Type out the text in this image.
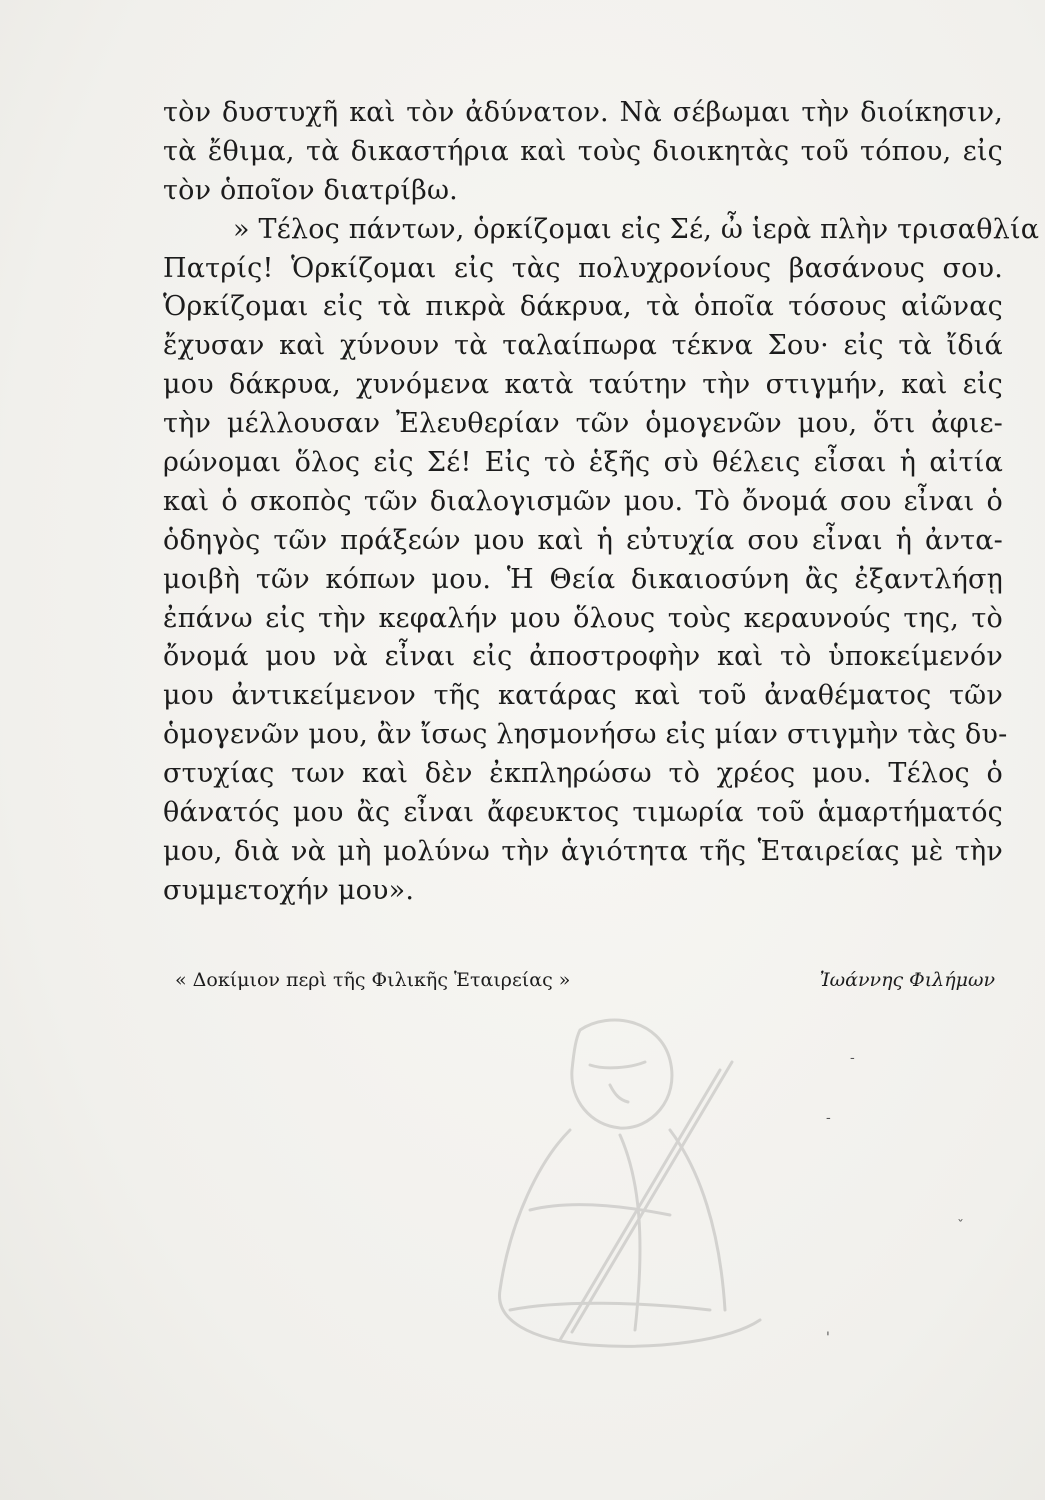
τὸν δυστυχῆ καὶ τὸν ἀδύνατον. Νὰ σέβωμαι τὴν διοίκησιν,
τὰ ἔθιμα, τὰ δικαστήρια καὶ τοὺς διοικητὰς τοῦ τόπου, εἰς
τὸν ὁποῖον διατρίβω.
» Τέλος πάντων, ὁρκίζομαι εἰς Σέ, ὦ ἱερὰ πλὴν τρισαθλία
Πατρίς! Ὁρκίζομαι εἰς τὰς πολυχρονίους βασάνους σου.
Ὁρκίζομαι εἰς τὰ πικρὰ δάκρυα, τὰ ὁποῖα τόσους αἰῶνας
ἔχυσαν καὶ χύνουν τὰ ταλαίπωρα τέκνα Σου· εἰς τὰ ἴδιά
μου δάκρυα, χυνόμενα κατὰ ταύτην τὴν στιγμήν, καὶ εἰς
τὴν μέλλουσαν Ἐλευθερίαν τῶν ὁμογενῶν μου, ὅτι ἀφιε-
ρώνομαι ὅλος εἰς Σέ! Εἰς τὸ ἑξῆς σὺ θέλεις εἶσαι ἡ αἰτία
καὶ ὁ σκοπὸς τῶν διαλογισμῶν μου. Τὸ ὄνομά σου εἶναι ὁ
ὁδηγὸς τῶν πράξεών μου καὶ ἡ εὐτυχία σου εἶναι ἡ ἀντα-
μοιβὴ τῶν κόπων μου. Ἡ Θεία δικαιοσύνη ἂς ἐξαντλήσῃ
ἐπάνω εἰς τὴν κεφαλήν μου ὅλους τοὺς κεραυνούς της, τὸ
ὄνομά μου νὰ εἶναι εἰς ἀποστροφὴν καὶ τὸ ὑποκείμενόν
μου ἀντικείμενον τῆς κατάρας καὶ τοῦ ἀναθέματος τῶν
ὁμογενῶν μου, ἂν ἴσως λησμονήσω εἰς μίαν στιγμὴν τὰς δυ-
στυχίας των καὶ δὲν ἐκπληρώσω τὸ χρέος μου. Τέλος ὁ
θάνατός μου ἂς εἶναι ἄφευκτος τιμωρία τοῦ ἁμαρτήματός
μου, διὰ νὰ μὴ μολύνω τὴν ἁγιότητα τῆς Ἑταιρείας μὲ τὴν
συμμετοχήν μου».
« Δοκίμιον περὶ τῆς Φιλικῆς Ἑταιρείας »	Ἰωάννης Φιλήμων
-
-
ˇ
'
